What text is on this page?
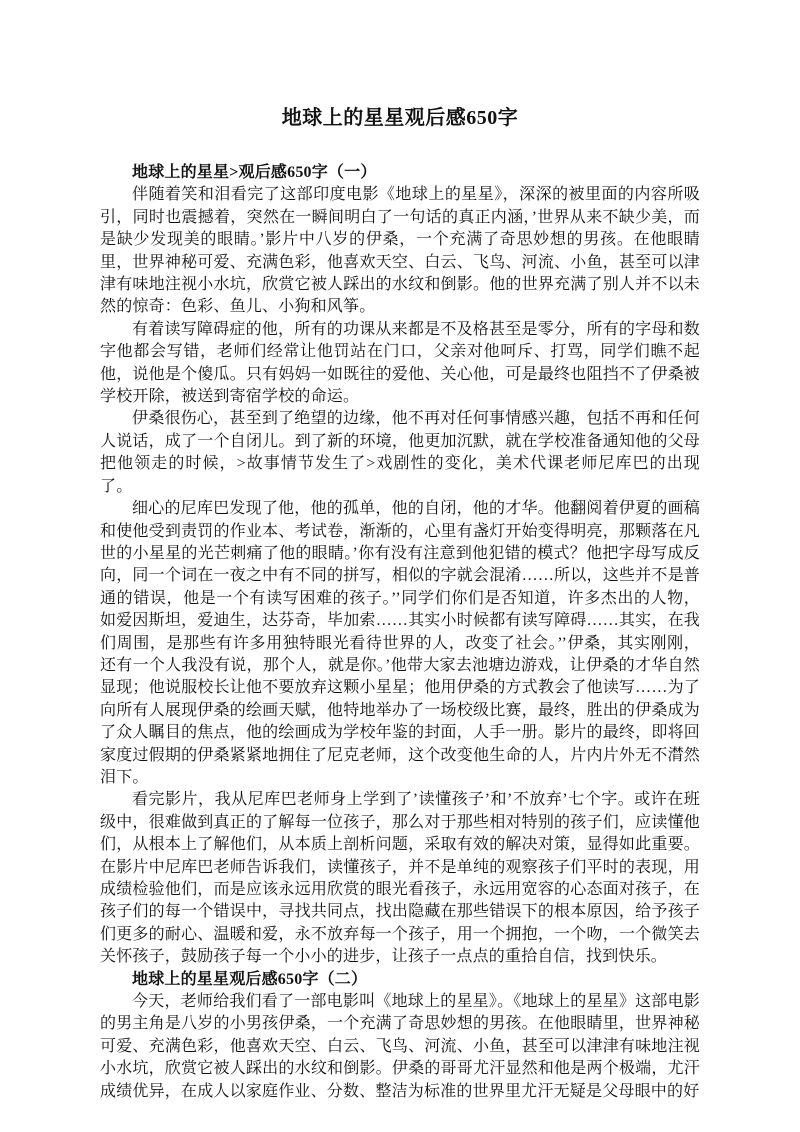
地球上的星星观后感650字
地球上的星星>观后感650字（一）

伴随着笑和泪看完了这部印度电影《地球上的星星》，深深的被里面的内容所吸引，同时也震撼着，突然在一瞬间明白了一句话的真正内涵，’世界从来不缺少美，而是缺少发现美的眼睛。’影片中八岁的伊桑，一个充满了奇思妙想的男孩。在他眼睛里，世界神秘可爱、充满色彩，他喜欢天空、白云、飞鸟、河流、小鱼，甚至可以津津有味地注视小水坑，欣赏它被人踩出的水纹和倒影。他的世界充满了别人并不以未然的惊奇：色彩、鱼儿、小狗和风筝。

有着读写障碍症的他，所有的功课从来都是不及格甚至是零分，所有的字母和数字他都会写错，老师们经常让他罚站在门口，父亲对他呵斥、打骂，同学们瞧不起他，说他是个傻瓜。只有妈妈一如既往的爱他、关心他，可是最终也阻挡不了伊桑被学校开除，被送到寄宿学校的命运。

伊桑很伤心，甚至到了绝望的边缘，他不再对任何事情感兴趣，包括不再和任何人说话，成了一个自闭儿。到了新的环境，他更加沉默，就在学校准备通知他的父母把他领走的时候，>故事情节发生了>戏剧性的变化，美术代课老师尼库巴的出现了。

细心的尼库巴发现了他，他的孤单，他的自闭，他的才华。他翻阅着伊夏的画稿和使他受到责罚的作业本、考试卷，渐渐的，心里有盏灯开始变得明亮，那颗落在凡世的小星星的光芒刺痛了他的眼睛。’你有没有注意到他犯错的模式？他把字母写成反向，同一个词在一夜之中有不同的拼写，相似的字就会混淆……所以，这些并不是普通的错误，他是一个有读写困难的孩子。’’同学们你们是否知道，许多杰出的人物，如爱因斯坦，爱迪生，达芬奇，毕加索……其实小时候都有读写障碍……其实，在我们周围，是那些有许多用独特眼光看待世界的人，改变了社会。’’伊桑，其实刚刚，还有一个人我没有说，那个人，就是你。’他带大家去池塘边游戏，让伊桑的才华自然显现；他说服校长让他不要放弃这颗小星星；他用伊桑的方式教会了他读写……为了向所有人展现伊桑的绘画天赋，他特地举办了一场校级比赛，最终，胜出的伊桑成为了众人瞩目的焦点，他的绘画成为学校年鉴的封面，人手一册。影片的最终，即将回家度过假期的伊桑紧紧地拥住了尼克老师，这个改变他生命的人，片内片外无不潸然泪下。

看完影片，我从尼库巴老师身上学到了’读懂孩子’和’不放弃’七个字。或许在班级中，很难做到真正的了解每一位孩子，那么对于那些相对特别的孩子们，应读懂他们，从根本上了解他们，从本质上剖析问题，采取有效的解决对策，显得如此重要。在影片中尼库巴老师告诉我们，读懂孩子，并不是单纯的观察孩子们平时的表现，用成绩检验他们，而是应该永远用欣赏的眼光看孩子，永远用宽容的心态面对孩子，在孩子们的每一个错误中，寻找共同点，找出隐藏在那些错误下的根本原因，给予孩子们更多的耐心、温暖和爱，永不放弃每一个孩子，用一个拥抱，一个吻，一个微笑去关怀孩子，鼓励孩子每一个小小的进步，让孩子一点点的重拾自信，找到快乐。

地球上的星星观后感650字（二）

今天，老师给我们看了一部电影叫《地球上的星星》。《地球上的星星》这部电影的男主角是八岁的小男孩伊桑，一个充满了奇思妙想的男孩。在他眼睛里，世界神秘可爱、充满色彩，他喜欢天空、白云、飞鸟、河流、小鱼，甚至可以津津有味地注视小水坑，欣赏它被人踩出的水纹和倒影。伊桑的哥哥尤汗显然和他是两个极端，尤汗成绩优异，在成人以家庭作业、分数、整洁为标准的世界里尤汗无疑是父母眼中的好
